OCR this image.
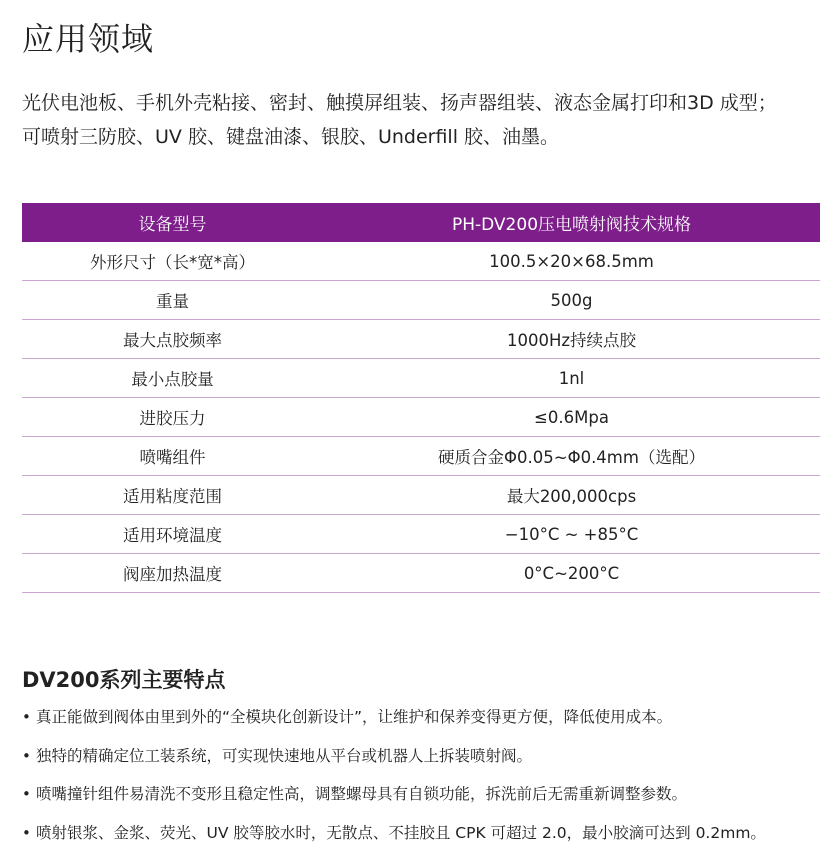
应用领域

光伏电池板、手机外壳粘接、密封、触摸屏组装、扬声器组装、液态金属打印和3D 成型；
可喷射三防胶、UV 胶、键盘油漆、银胶、Underfill 胶、油墨。

设备型号	PH-DV200压电喷射阀技术规格
外形尺寸（长*宽*高）	100.5×20×68.5mm
重量	500g
最大点胶频率	1000Hz持续点胶
最小点胶量	1nl
进胶压力	≤0.6Mpa
喷嘴组件	硬质合金Φ0.05~Φ0.4mm（选配）
适用粘度范围	最大200,000cps
适用环境温度	−10°C ~ +85°C
阀座加热温度	0°C~200°C
DV200系列主要特点
• 真正能做到阀体由里到外的“全模块化创新设计”，让维护和保养变得更方便，降低使用成本。
• 独特的精确定位工装系统，可实现快速地从平台或机器人上拆装喷射阀。
• 喷嘴撞针组件易清洗不变形且稳定性高，调整螺母具有自锁功能，拆洗前后无需重新调整参数。
• 喷射银浆、金浆、荧光、UV 胶等胶水时，无散点、不挂胶且 CPK 可超过 2.0，最小胶滴可达到 0.2mm。
